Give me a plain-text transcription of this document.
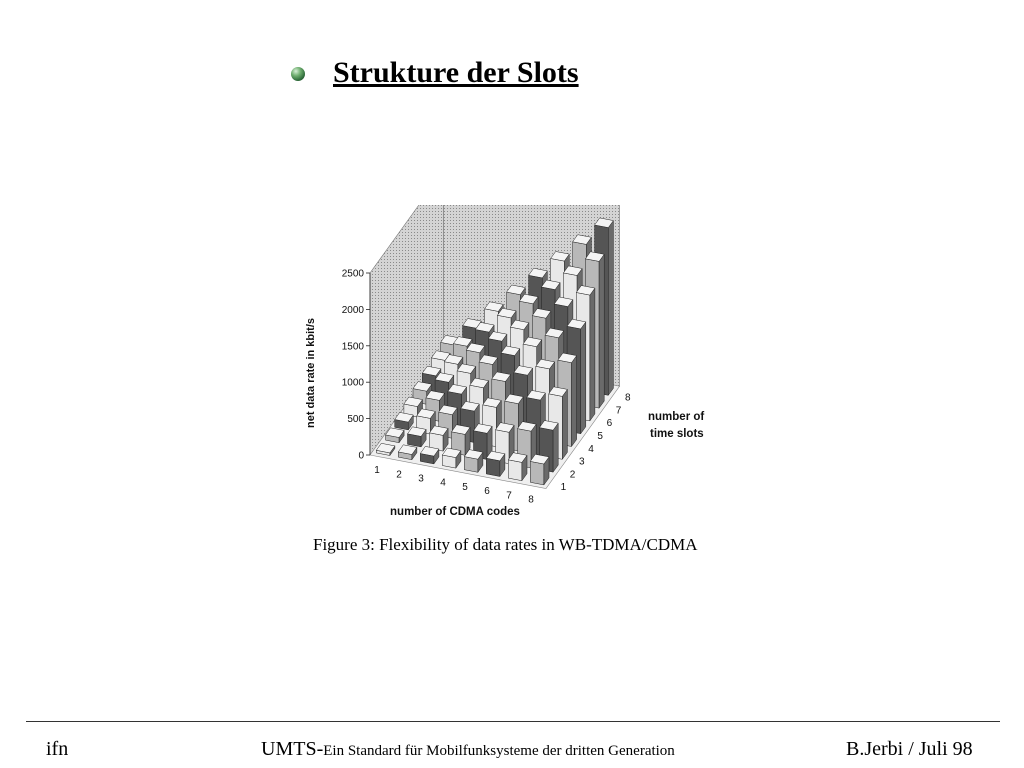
Strukture der Slots
0
500
1000
1500
2000
2500
1 2 3 4 5 6 7 8
1
2
3
4
5
6
7
8
net data rate in kbit/s
number of CDMA codes
number of
time slots
Figure 3: Flexibility of data rates in WB-TDMA/CDMA
ifn	UMTS-Ein Standard für Mobilfunksysteme der dritten Generation	B.Jerbi / Juli 98
